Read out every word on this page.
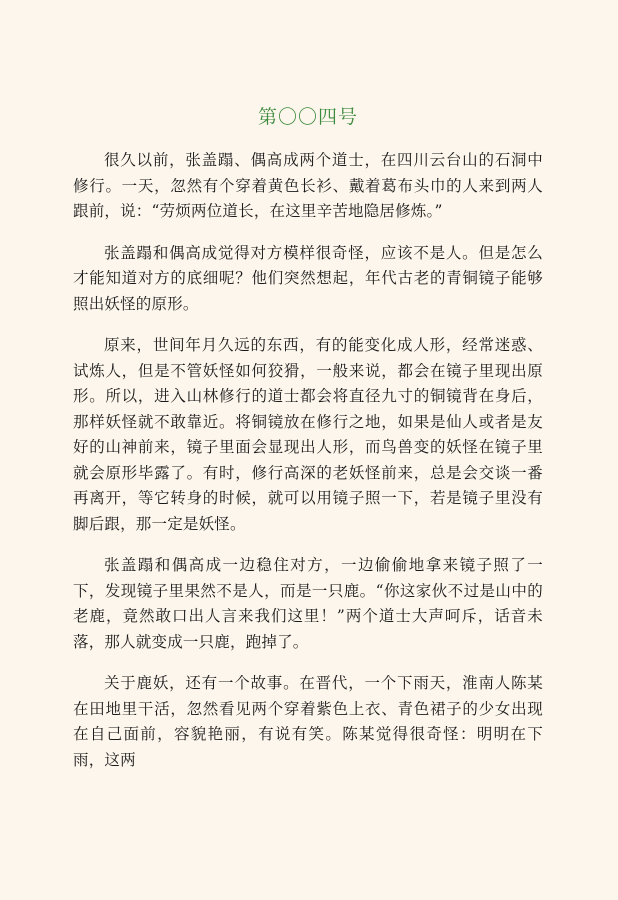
第〇〇四号

很久以前，张盖蹋、偶高成两个道士，在四川云台山的石洞中修行。一天，忽然有个穿着黄色长衫、戴着葛布头巾的人来到两人跟前，说：“劳烦两位道长，在这里辛苦地隐居修炼。”

张盖蹋和偶高成觉得对方模样很奇怪，应该不是人。但是怎么才能知道对方的底细呢？他们突然想起，年代古老的青铜镜子能够照出妖怪的原形。

原来，世间年月久远的东西，有的能变化成人形，经常迷惑、试炼人，但是不管妖怪如何狡猾，一般来说，都会在镜子里现出原形。所以，进入山林修行的道士都会将直径九寸的铜镜背在身后，那样妖怪就不敢靠近。将铜镜放在修行之地，如果是仙人或者是友好的山神前来，镜子里面会显现出人形，而鸟兽变的妖怪在镜子里就会原形毕露了。有时，修行高深的老妖怪前来，总是会交谈一番再离开，等它转身的时候，就可以用镜子照一下，若是镜子里没有脚后跟，那一定是妖怪。

张盖蹋和偶高成一边稳住对方，一边偷偷地拿来镜子照了一下，发现镜子里果然不是人，而是一只鹿。“你这家伙不过是山中的老鹿，竟然敢口出人言来我们这里！”两个道士大声呵斥，话音未落，那人就变成一只鹿，跑掉了。

关于鹿妖，还有一个故事。在晋代，一个下雨天，淮南人陈某在田地里干活，忽然看见两个穿着紫色上衣、青色裙子的少女出现在自己面前，容貌艳丽，有说有笑。陈某觉得很奇怪：明明在下雨，这两
